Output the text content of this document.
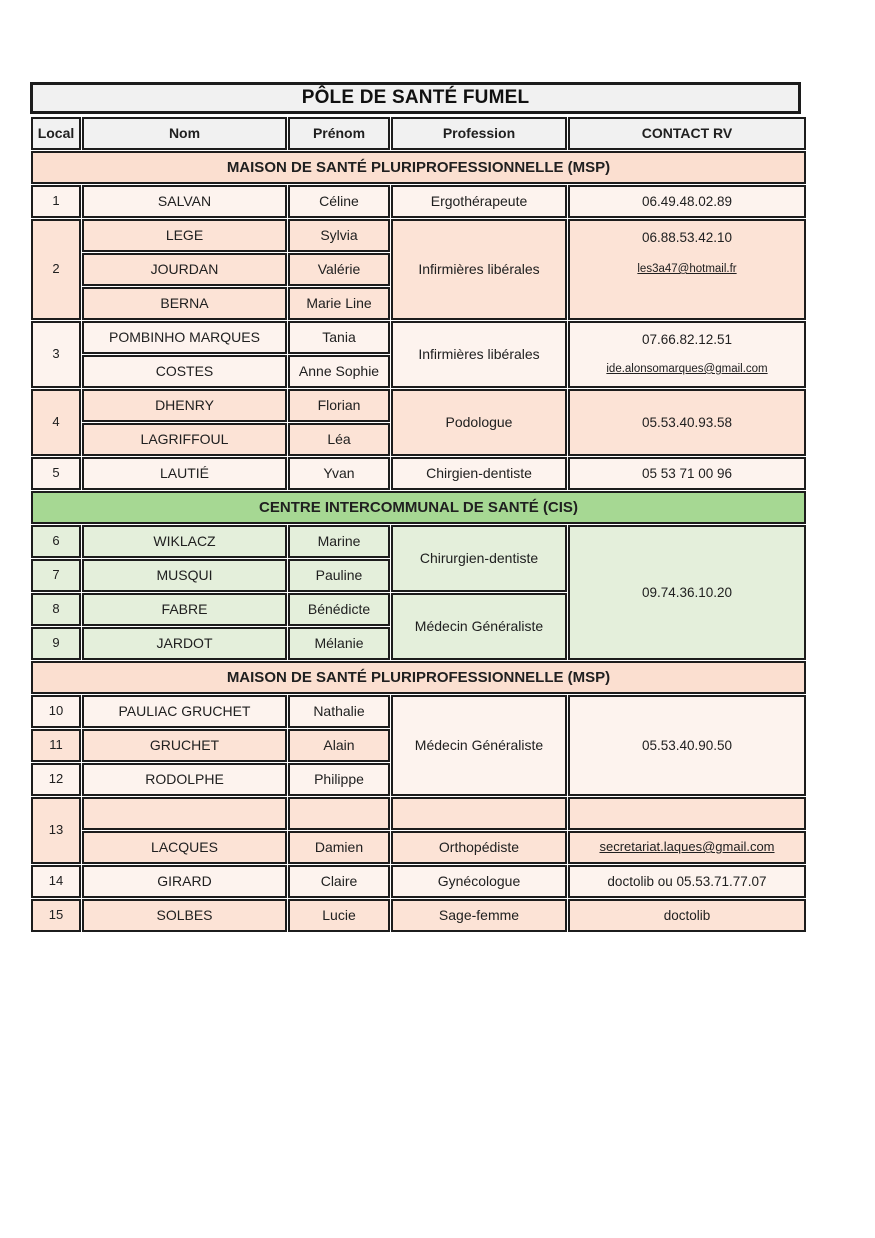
PÔLE DE SANTÉ FUMEL
Local	Nom	Prénom	Profession	CONTACT RV
MAISON DE SANTÉ PLURIPROFESSIONNELLE (MSP)				
1	SALVAN	Céline	Ergothérapeute	06.49.48.02.89
2	LEGE	Sylvia	Infirmières libérales	06.88.53.42.10
les3a47@hotmail.fr

	JOURDAN	Valérie		
	BERNA	Marie Line		
3	POMBINHO MARQUES	Tania	Infirmières libérales	07.66.82.12.51
ide.alonsomarques@gmail.com

	COSTES	Anne Sophie		
4	DHENRY	Florian	Podologue	05.53.40.93.58
	LAGRIFFOUL	Léa		
5	LAUTIÉ	Yvan	Chirgien-dentiste	05 53 71 00 96
CENTRE INTERCOMMUNAL DE SANTÉ (CIS)				
6	WIKLACZ	Marine	Chirurgien-dentiste	09.74.36.10.20
7	MUSQUI	Pauline		
8	FABRE	Bénédicte	Médecin Généraliste	
9	JARDOT	Mélanie		
MAISON DE SANTÉ PLURIPROFESSIONNELLE (MSP)				
10	PAULIAC GRUCHET	Nathalie	Médecin Généraliste	05.53.40.90.50
11	GRUCHET	Alain		
12	RODOLPHE	Philippe		
13				
	LACQUES	Damien	Orthopédiste	secretariat.laques@gmail.com
14	GIRARD	Claire	Gynécologue	doctolib ou 05.53.71.77.07
15	SOLBES	Lucie	Sage-femme	doctolib
